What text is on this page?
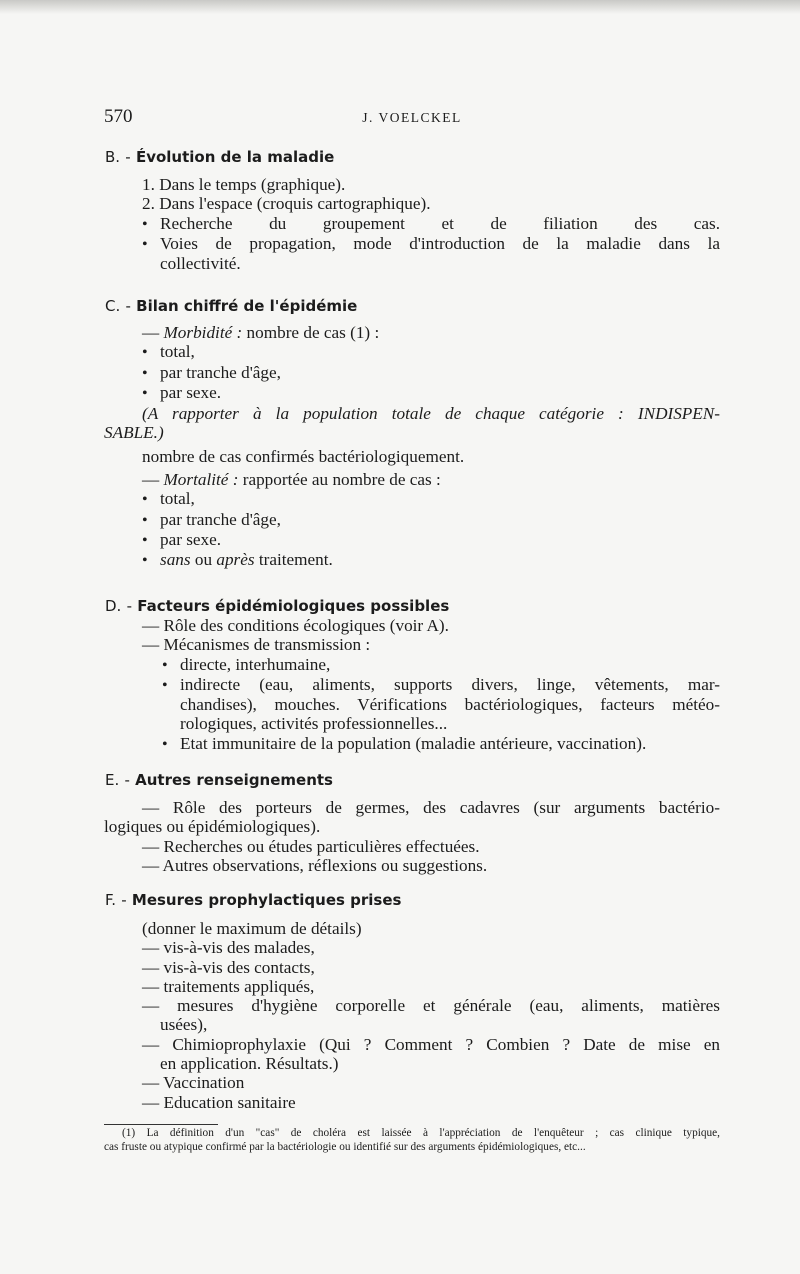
570	J. VOELCKEL
B. - Évolution de la maladie
1. Dans le temps (graphique).
2. Dans l'espace (croquis cartographique).
• Recherche du groupement et de filiation des cas.
• Voies de propagation, mode d'introduction de la maladie dans la
collectivité.
C. - Bilan chiffré de l'épidémie
— Morbidité : nombre de cas (1) :
• total,
• par tranche d'âge,
• par sexe.
(A rapporter à la population totale de chaque catégorie : INDISPEN-
SABLE.)
nombre de cas confirmés bactériologiquement.
— Mortalité : rapportée au nombre de cas :
• total,
• par tranche d'âge,
• par sexe.
• sans ou après traitement.
D. - Facteurs épidémiologiques possibles
— Rôle des conditions écologiques (voir A).
— Mécanismes de transmission :
• directe, interhumaine,
• indirecte (eau, aliments, supports divers, linge, vêtements, mar-
chandises), mouches. Vérifications bactériologiques, facteurs météo-
rologiques, activités professionnelles...
• Etat immunitaire de la population (maladie antérieure, vaccination).
E. - Autres renseignements
— Rôle des porteurs de germes, des cadavres (sur arguments bactério-
logiques ou épidémiologiques).
— Recherches ou études particulières effectuées.
— Autres observations, réflexions ou suggestions.
F. - Mesures prophylactiques prises
(donner le maximum de détails)
— vis-à-vis des malades,
— vis-à-vis des contacts,
— traitements appliqués,
— mesures d'hygiène corporelle et générale (eau, aliments, matières
usées),
— Chimioprophylaxie (Qui ? Comment ? Combien ? Date de mise en
en application. Résultats.)
— Vaccination
— Education sanitaire
(1) La définition d'un "cas" de choléra est laissée à l'appréciation de l'enquêteur ; cas clinique typique,
cas fruste ou atypique confirmé par la bactériologie ou identifié sur des arguments épidémiologiques, etc...
